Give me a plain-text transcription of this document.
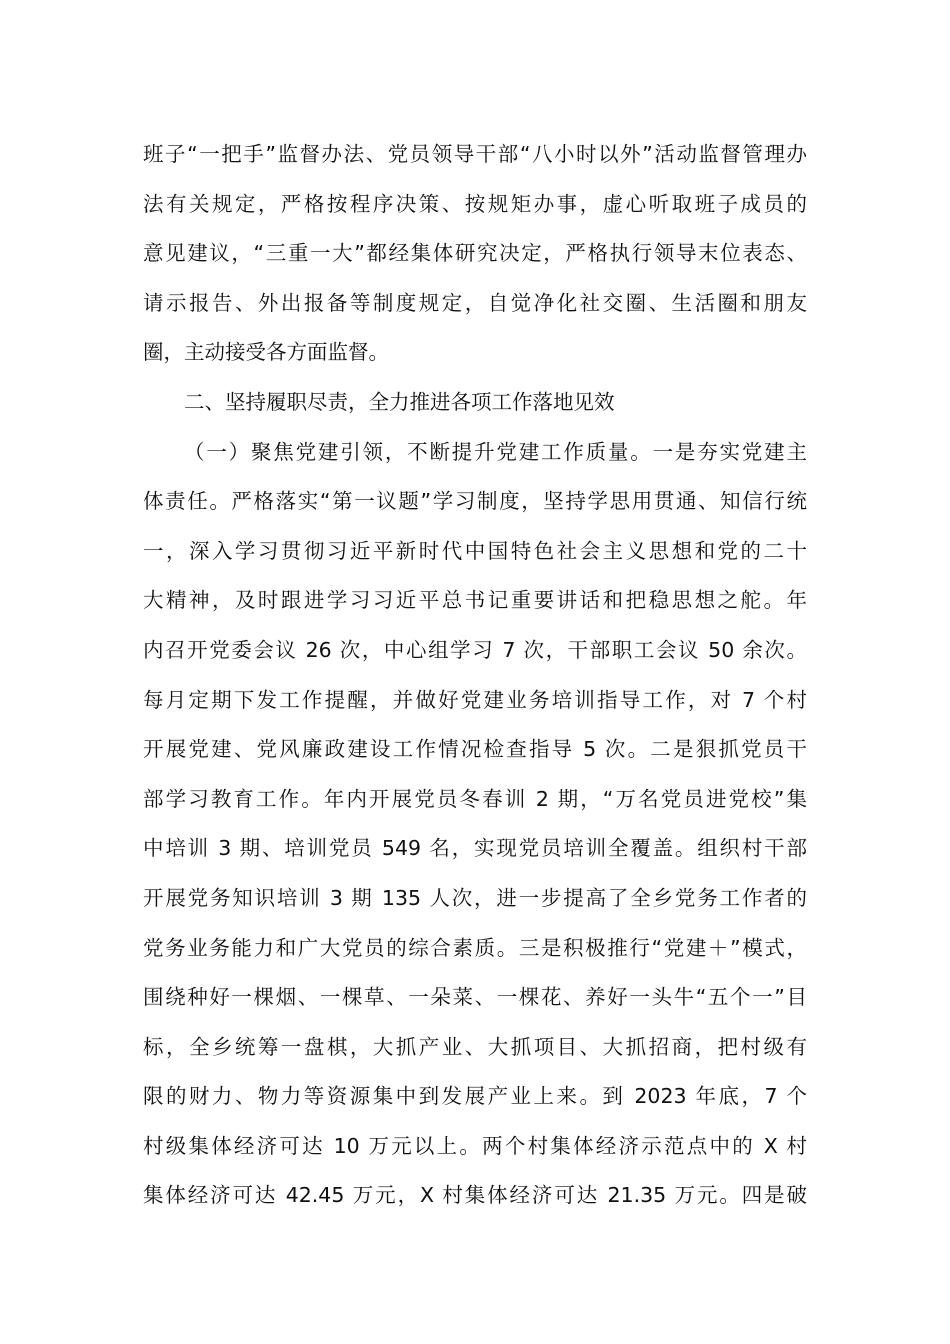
班子“一把手”监督办法、党员领导干部“八小时以外”活动监督管理办
法有关规定，严格按程序决策、按规矩办事，虚心听取班子成员的
意见建议，“三重一大”都经集体研究决定，严格执行领导末位表态、
请示报告、外出报备等制度规定，自觉净化社交圈、生活圈和朋友
圈，主动接受各方面监督。
二、坚持履职尽责，全力推进各项工作落地见效
（一）聚焦党建引领，不断提升党建工作质量。一是夯实党建主
体责任。严格落实“第一议题”学习制度，坚持学思用贯通、知信行统
一，深入学习贯彻习近平新时代中国特色社会主义思想和党的二十
大精神，及时跟进学习习近平总书记重要讲话和把稳思想之舵。年
内召开党委会议 26 次，中心组学习 7 次，干部职工会议 50 余次。
每月定期下发工作提醒，并做好党建业务培训指导工作，对 7 个村
开展党建、党风廉政建设工作情况检查指导 5 次。二是狠抓党员干
部学习教育工作。年内开展党员冬春训 2 期，“万名党员进党校”集
中培训 3 期、培训党员 549 名，实现党员培训全覆盖。组织村干部
开展党务知识培训 3 期 135 人次，进一步提高了全乡党务工作者的
党务业务能力和广大党员的综合素质。三是积极推行“党建＋”模式，
围绕种好一棵烟、一棵草、一朵菜、一棵花、养好一头牛“五个一”目
标，全乡统筹一盘棋，大抓产业、大抓项目、大抓招商，把村级有
限的财力、物力等资源集中到发展产业上来。到 2023 年底，7 个
村级集体经济可达 10 万元以上。两个村集体经济示范点中的 X 村
集体经济可达 42.45 万元，X 村集体经济可达 21.35 万元。四是破
